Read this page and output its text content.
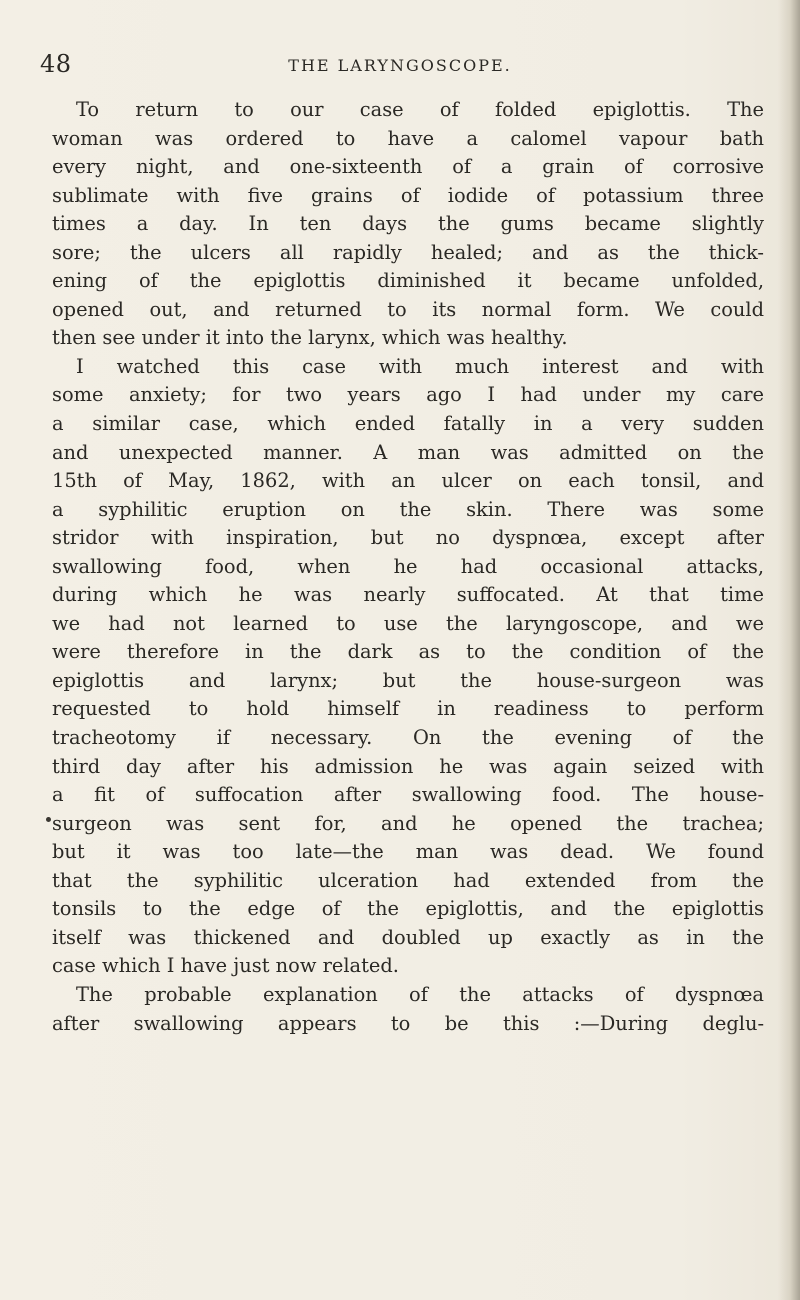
48	THE LARYNGOSCOPE.
To return to our case of folded epiglottis. The
woman was ordered to have a calomel vapour bath
every night, and one-sixteenth of a grain of corrosive
sublimate with five grains of iodide of potassium three
times a day. In ten days the gums became slightly
sore; the ulcers all rapidly healed; and as the thick-
ening of the epiglottis diminished it became unfolded,
opened out, and returned to its normal form. We could
then see under it into the larynx, which was healthy.
I watched this case with much interest and with
some anxiety; for two years ago I had under my care
a similar case, which ended fatally in a very sudden
and unexpected manner. A man was admitted on the
15th of May, 1862, with an ulcer on each tonsil, and
a syphilitic eruption on the skin. There was some
stridor with inspiration, but no dyspnœa, except after
swallowing food, when he had occasional attacks,
during which he was nearly suffocated. At that time
we had not learned to use the laryngoscope, and we
were therefore in the dark as to the condition of the
epiglottis and larynx; but the house-surgeon was
requested to hold himself in readiness to perform
tracheotomy if necessary. On the evening of the
third day after his admission he was again seized with
a fit of suffocation after swallowing food. The house-
surgeon was sent for, and he opened the trachea;
but it was too late—the man was dead. We found
that the syphilitic ulceration had extended from the
tonsils to the edge of the epiglottis, and the epiglottis
itself was thickened and doubled up exactly as in the
case which I have just now related.
The probable explanation of the attacks of dyspnœa
after swallowing appears to be this :—During deglu-
